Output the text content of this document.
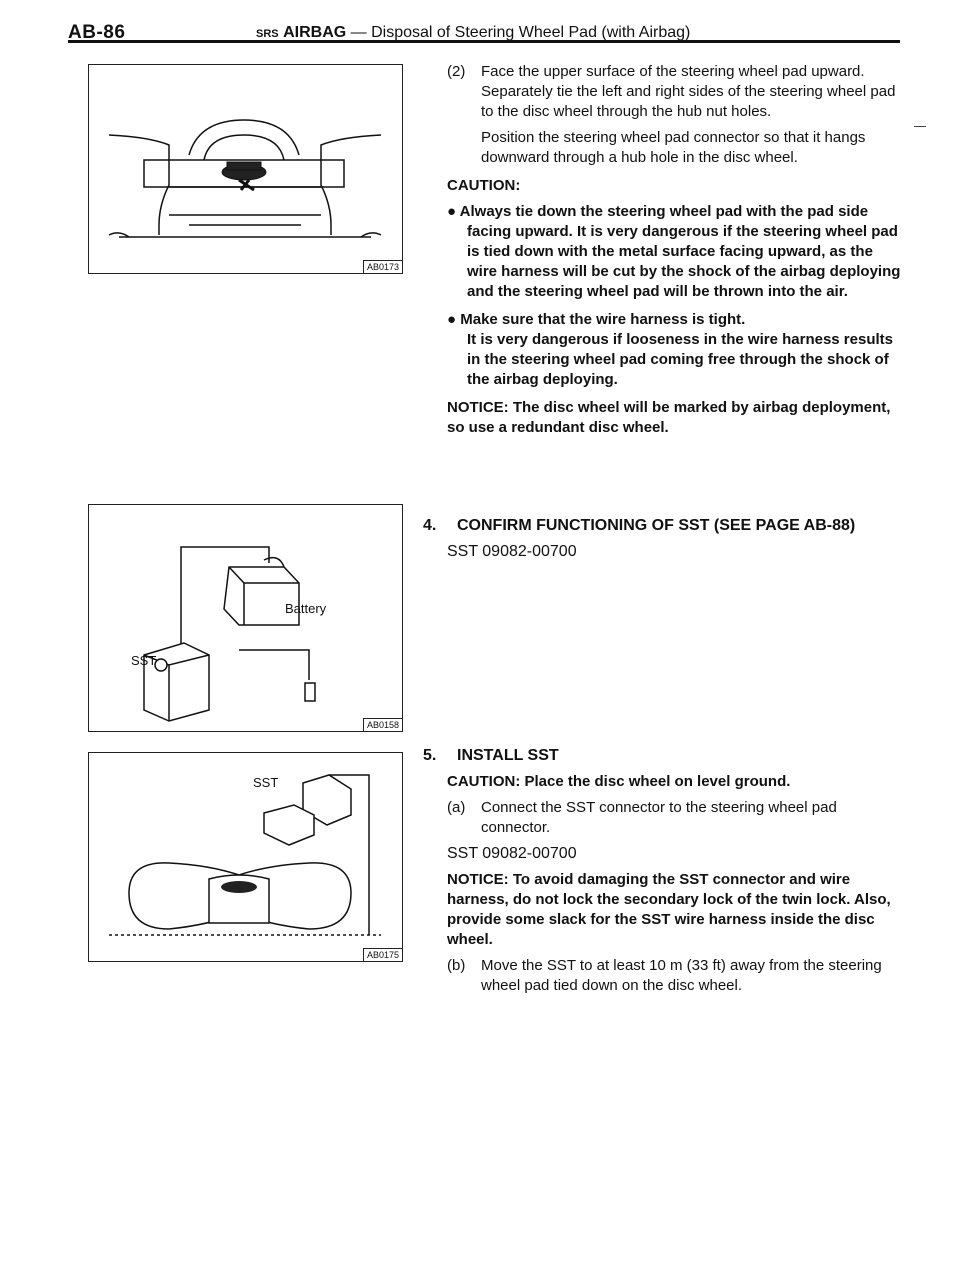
AB-86	SRS AIRBAG — Disposal of Steering Wheel Pad (with Airbag)
AB0173
Battery
SST
AB0158
SST
AB0175
(2) Face the upper surface of the steering wheel pad upward. Separately tie the left and right sides of the steering wheel pad to the disc wheel through the hub nut holes.
Position the steering wheel pad connector so that it hangs downward through a hub hole in the disc wheel.
CAUTION:
● Always tie down the steering wheel pad with the pad side facing upward. It is very dangerous if the steering wheel pad is tied down with the metal surface facing upward, as the wire harness will be cut by the shock of the airbag deploying and the steering wheel pad will be thrown into the air.
● Make sure that the wire harness is tight.
It is very dangerous if looseness in the wire harness results in the steering wheel pad coming free through the shock of the airbag deploying.
NOTICE: The disc wheel will be marked by airbag deployment, so use a redundant disc wheel.
4. CONFIRM FUNCTIONING OF SST (SEE PAGE AB-88)
SST 09082-00700
5. INSTALL SST
CAUTION: Place the disc wheel on level ground.
(a) Connect the SST connector to the steering wheel pad connector.
SST 09082-00700
NOTICE: To avoid damaging the SST connector and wire harness, do not lock the secondary lock of the twin lock. Also, provide some slack for the SST wire harness inside the disc wheel.
(b) Move the SST to at least 10 m (33 ft) away from the steering wheel pad tied down on the disc wheel.
